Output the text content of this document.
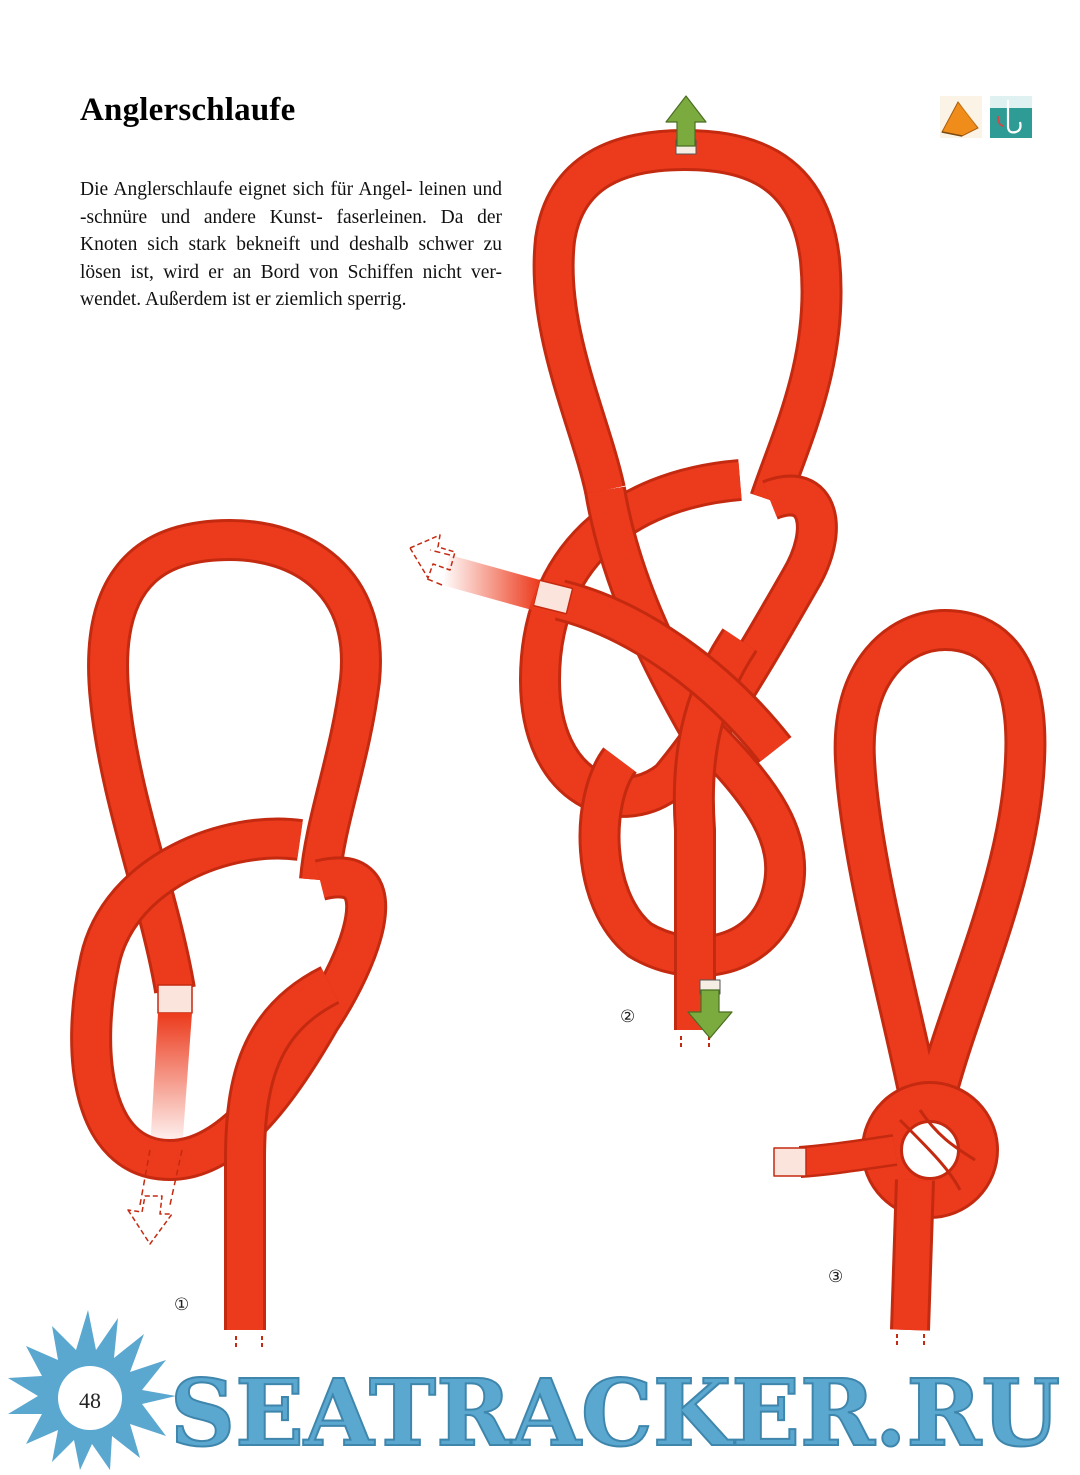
Anglerschlaufe
Die Anglerschlaufe eignet sich für Angel- leinen und -schnüre und andere Kunst- faserleinen. Da der Knoten sich stark bekneift und deshalb schwer zu lösen ist, wird er an Bord von Schiffen nicht ver- wendet. Außerdem ist er ziemlich sperrig.
①
②
③
48 SEATRACKER.RU
